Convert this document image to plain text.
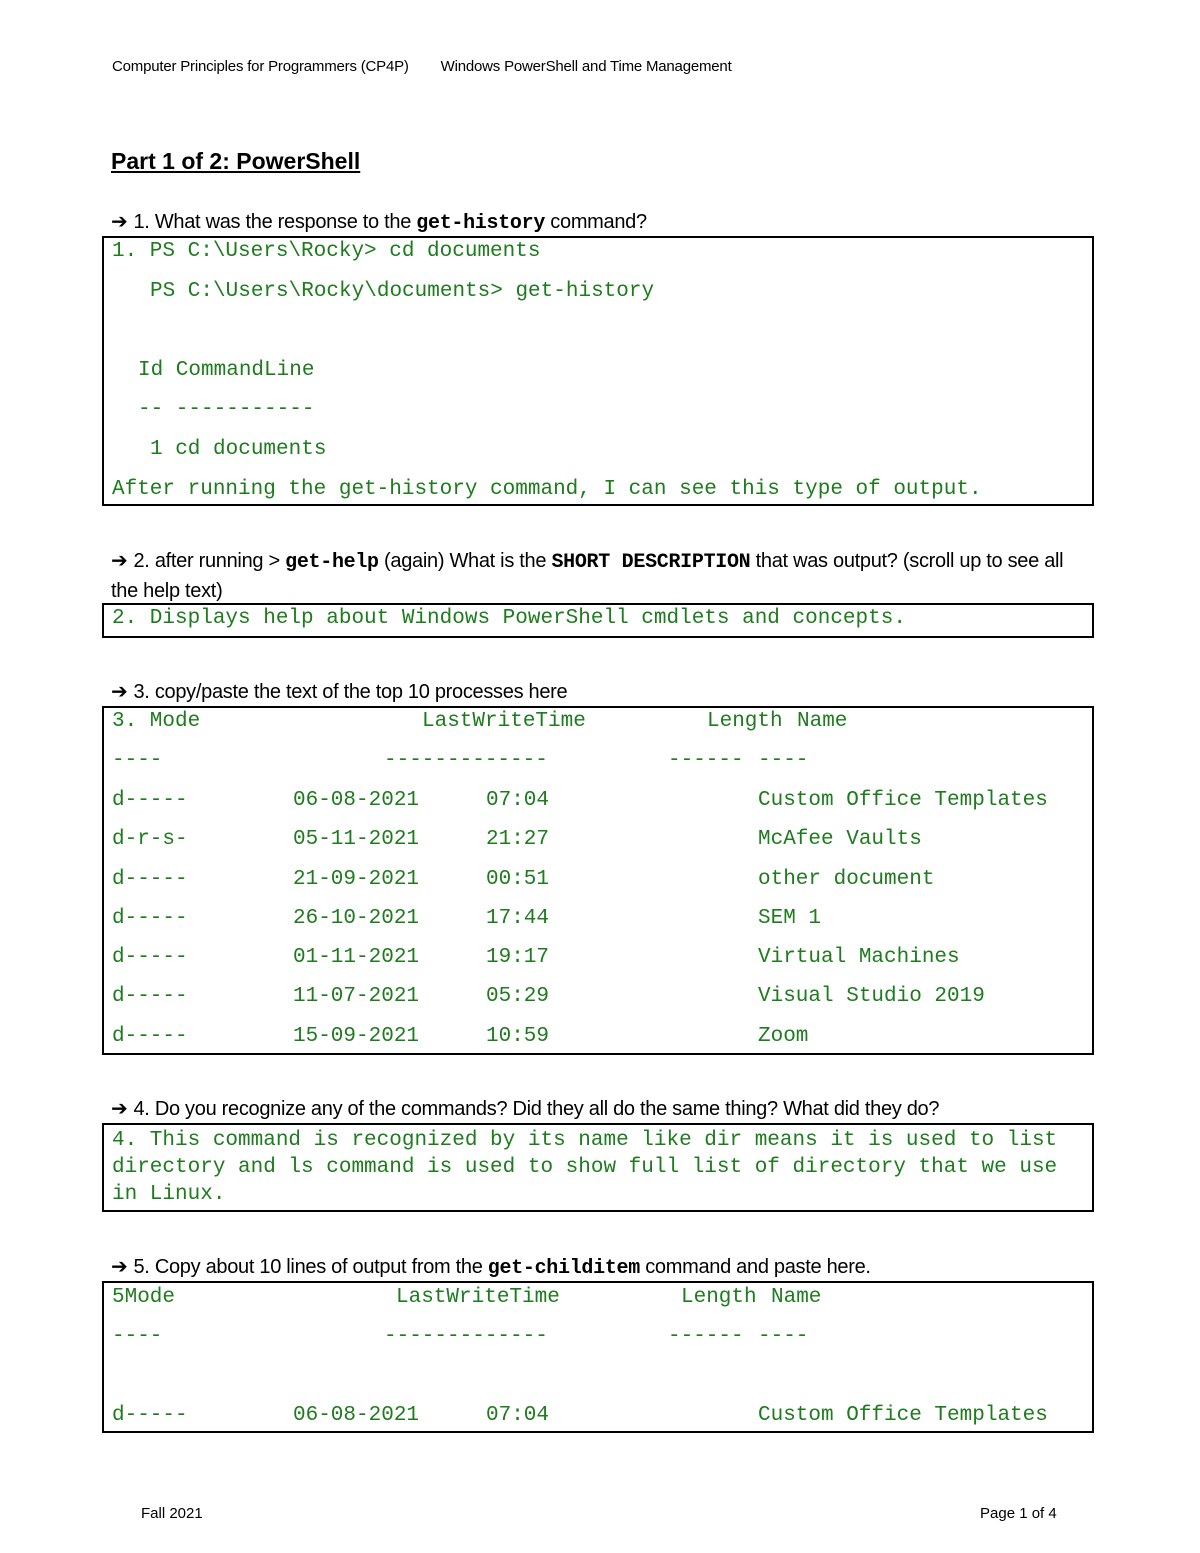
Computer Principles for Programmers (CP4P) Windows PowerShell and Time Management
Part 1 of 2: PowerShell
➔ 1. What was the response to the get-history command?
1. PS C:\Users\Rocky> cd documents
PS C:\Users\Rocky\documents> get-history
Id CommandLine
-- -----------
1 cd documents
After running the get-history command, I can see this type of output.
➔ 2. after running > get-help (again) What is the SHORT DESCRIPTION that was output? (scroll up to see all the help text)
2. Displays help about Windows PowerShell cmdlets and concepts.
➔ 3. copy/paste the text of the top 10 processes here
3. Mode	LastWriteTime	Length Name
----	-------------	------ ----
d-----	06-08-2021	07:04	Custom Office Templates
d-r-s-	05-11-2021	21:27	McAfee Vaults
d-----	21-09-2021	00:51	other document
d-----	26-10-2021	17:44	SEM 1
d-----	01-11-2021	19:17	Virtual Machines
d-----	11-07-2021	05:29	Visual Studio 2019
d-----	15-09-2021	10:59	Zoom
➔ 4. Do you recognize any of the commands? Did they all do the same thing? What did they do?
4. This command is recognized by its name like dir means it is used to list directory and ls command is used to show full list of directory that we use in Linux.
➔ 5. Copy about 10 lines of output from the get-childitem command and paste here.
5Mode	LastWriteTime	Length Name
----	-------------	------ ----
d-----	06-08-2021	07:04	Custom Office Templates
Fall 2021	Page 1 of 4
